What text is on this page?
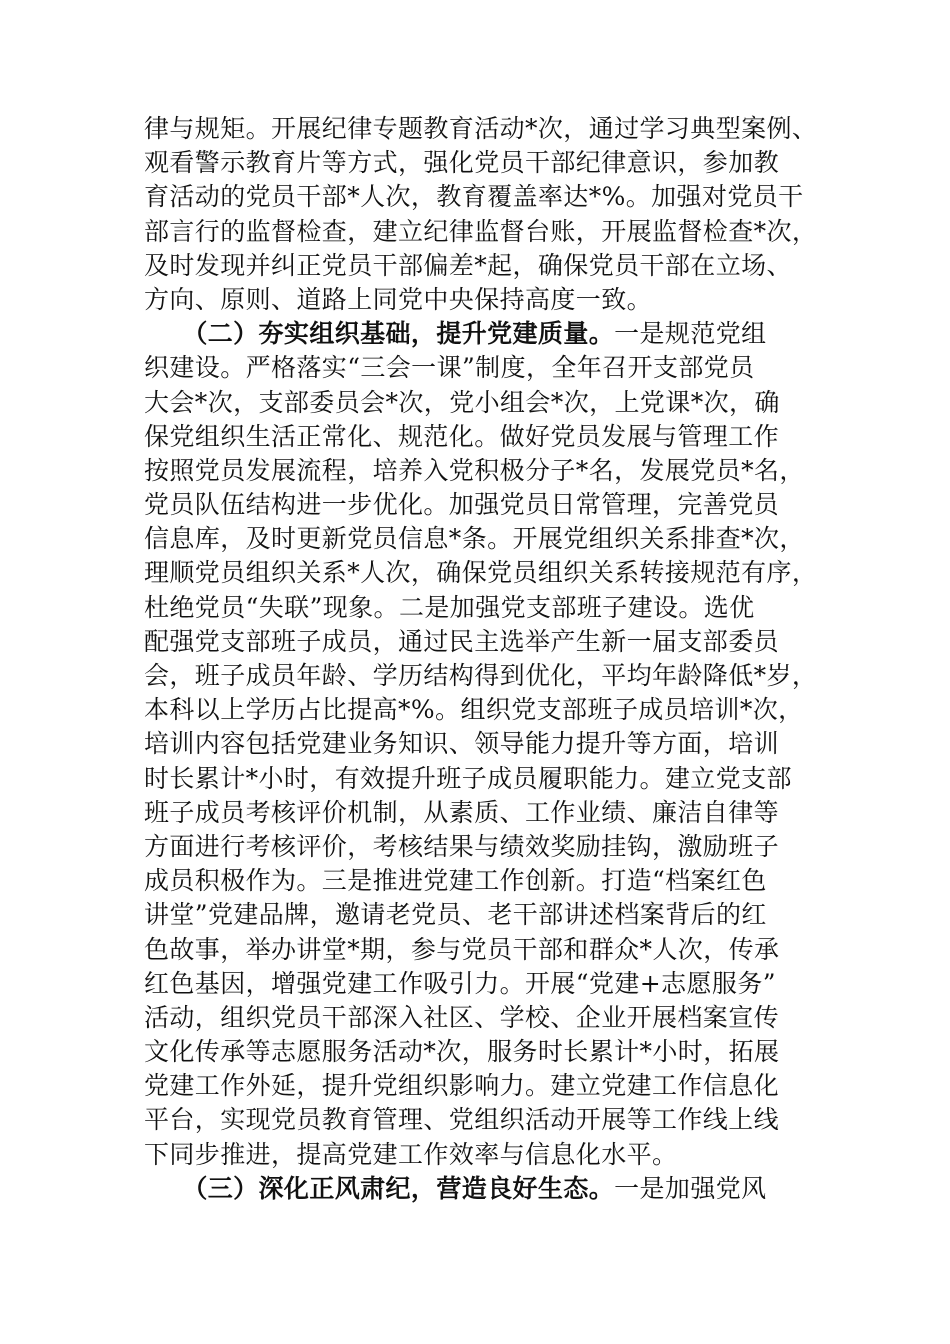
律与规矩。开展纪律专题教育活动*次，通过学习典型案例、
观看警示教育片等方式，强化党员干部纪律意识，参加教
育活动的党员干部*人次，教育覆盖率达*%。加强对党员干
部言行的监督检查，建立纪律监督台账，开展监督检查*次，
及时发现并纠正党员干部偏差*起，确保党员干部在立场、
方向、原则、道路上同党中央保持高度一致。
　　（二）夯实组织基础，提升党建质量。一是规范党组
织建设。严格落实“三会一课”制度，全年召开支部党员
大会*次，支部委员会*次，党小组会*次，上党课*次，确
保党组织生活正常化、规范化。做好党员发展与管理工作
按照党员发展流程，培养入党积极分子*名，发展党员*名，
党员队伍结构进一步优化。加强党员日常管理，完善党员
信息库，及时更新党员信息*条。开展党组织关系排查*次，
理顺党员组织关系*人次，确保党员组织关系转接规范有序，
杜绝党员“失联”现象。二是加强党支部班子建设。选优
配强党支部班子成员，通过民主选举产生新一届支部委员
会，班子成员年龄、学历结构得到优化，平均年龄降低*岁，
本科以上学历占比提高*%。组织党支部班子成员培训*次，
培训内容包括党建业务知识、领导能力提升等方面，培训
时长累计*小时，有效提升班子成员履职能力。建立党支部
班子成员考核评价机制，从素质、工作业绩、廉洁自律等
方面进行考核评价，考核结果与绩效奖励挂钩，激励班子
成员积极作为。三是推进党建工作创新。打造“档案红色
讲堂”党建品牌，邀请老党员、老干部讲述档案背后的红
色故事，举办讲堂*期，参与党员干部和群众*人次，传承
红色基因，增强党建工作吸引力。开展“党建+志愿服务”
活动，组织党员干部深入社区、学校、企业开展档案宣传
文化传承等志愿服务活动*次，服务时长累计*小时，拓展
党建工作外延，提升党组织影响力。建立党建工作信息化
平台，实现党员教育管理、党组织活动开展等工作线上线
下同步推进，提高党建工作效率与信息化水平。
　　（三）深化正风肃纪，营造良好生态。一是加强党风
